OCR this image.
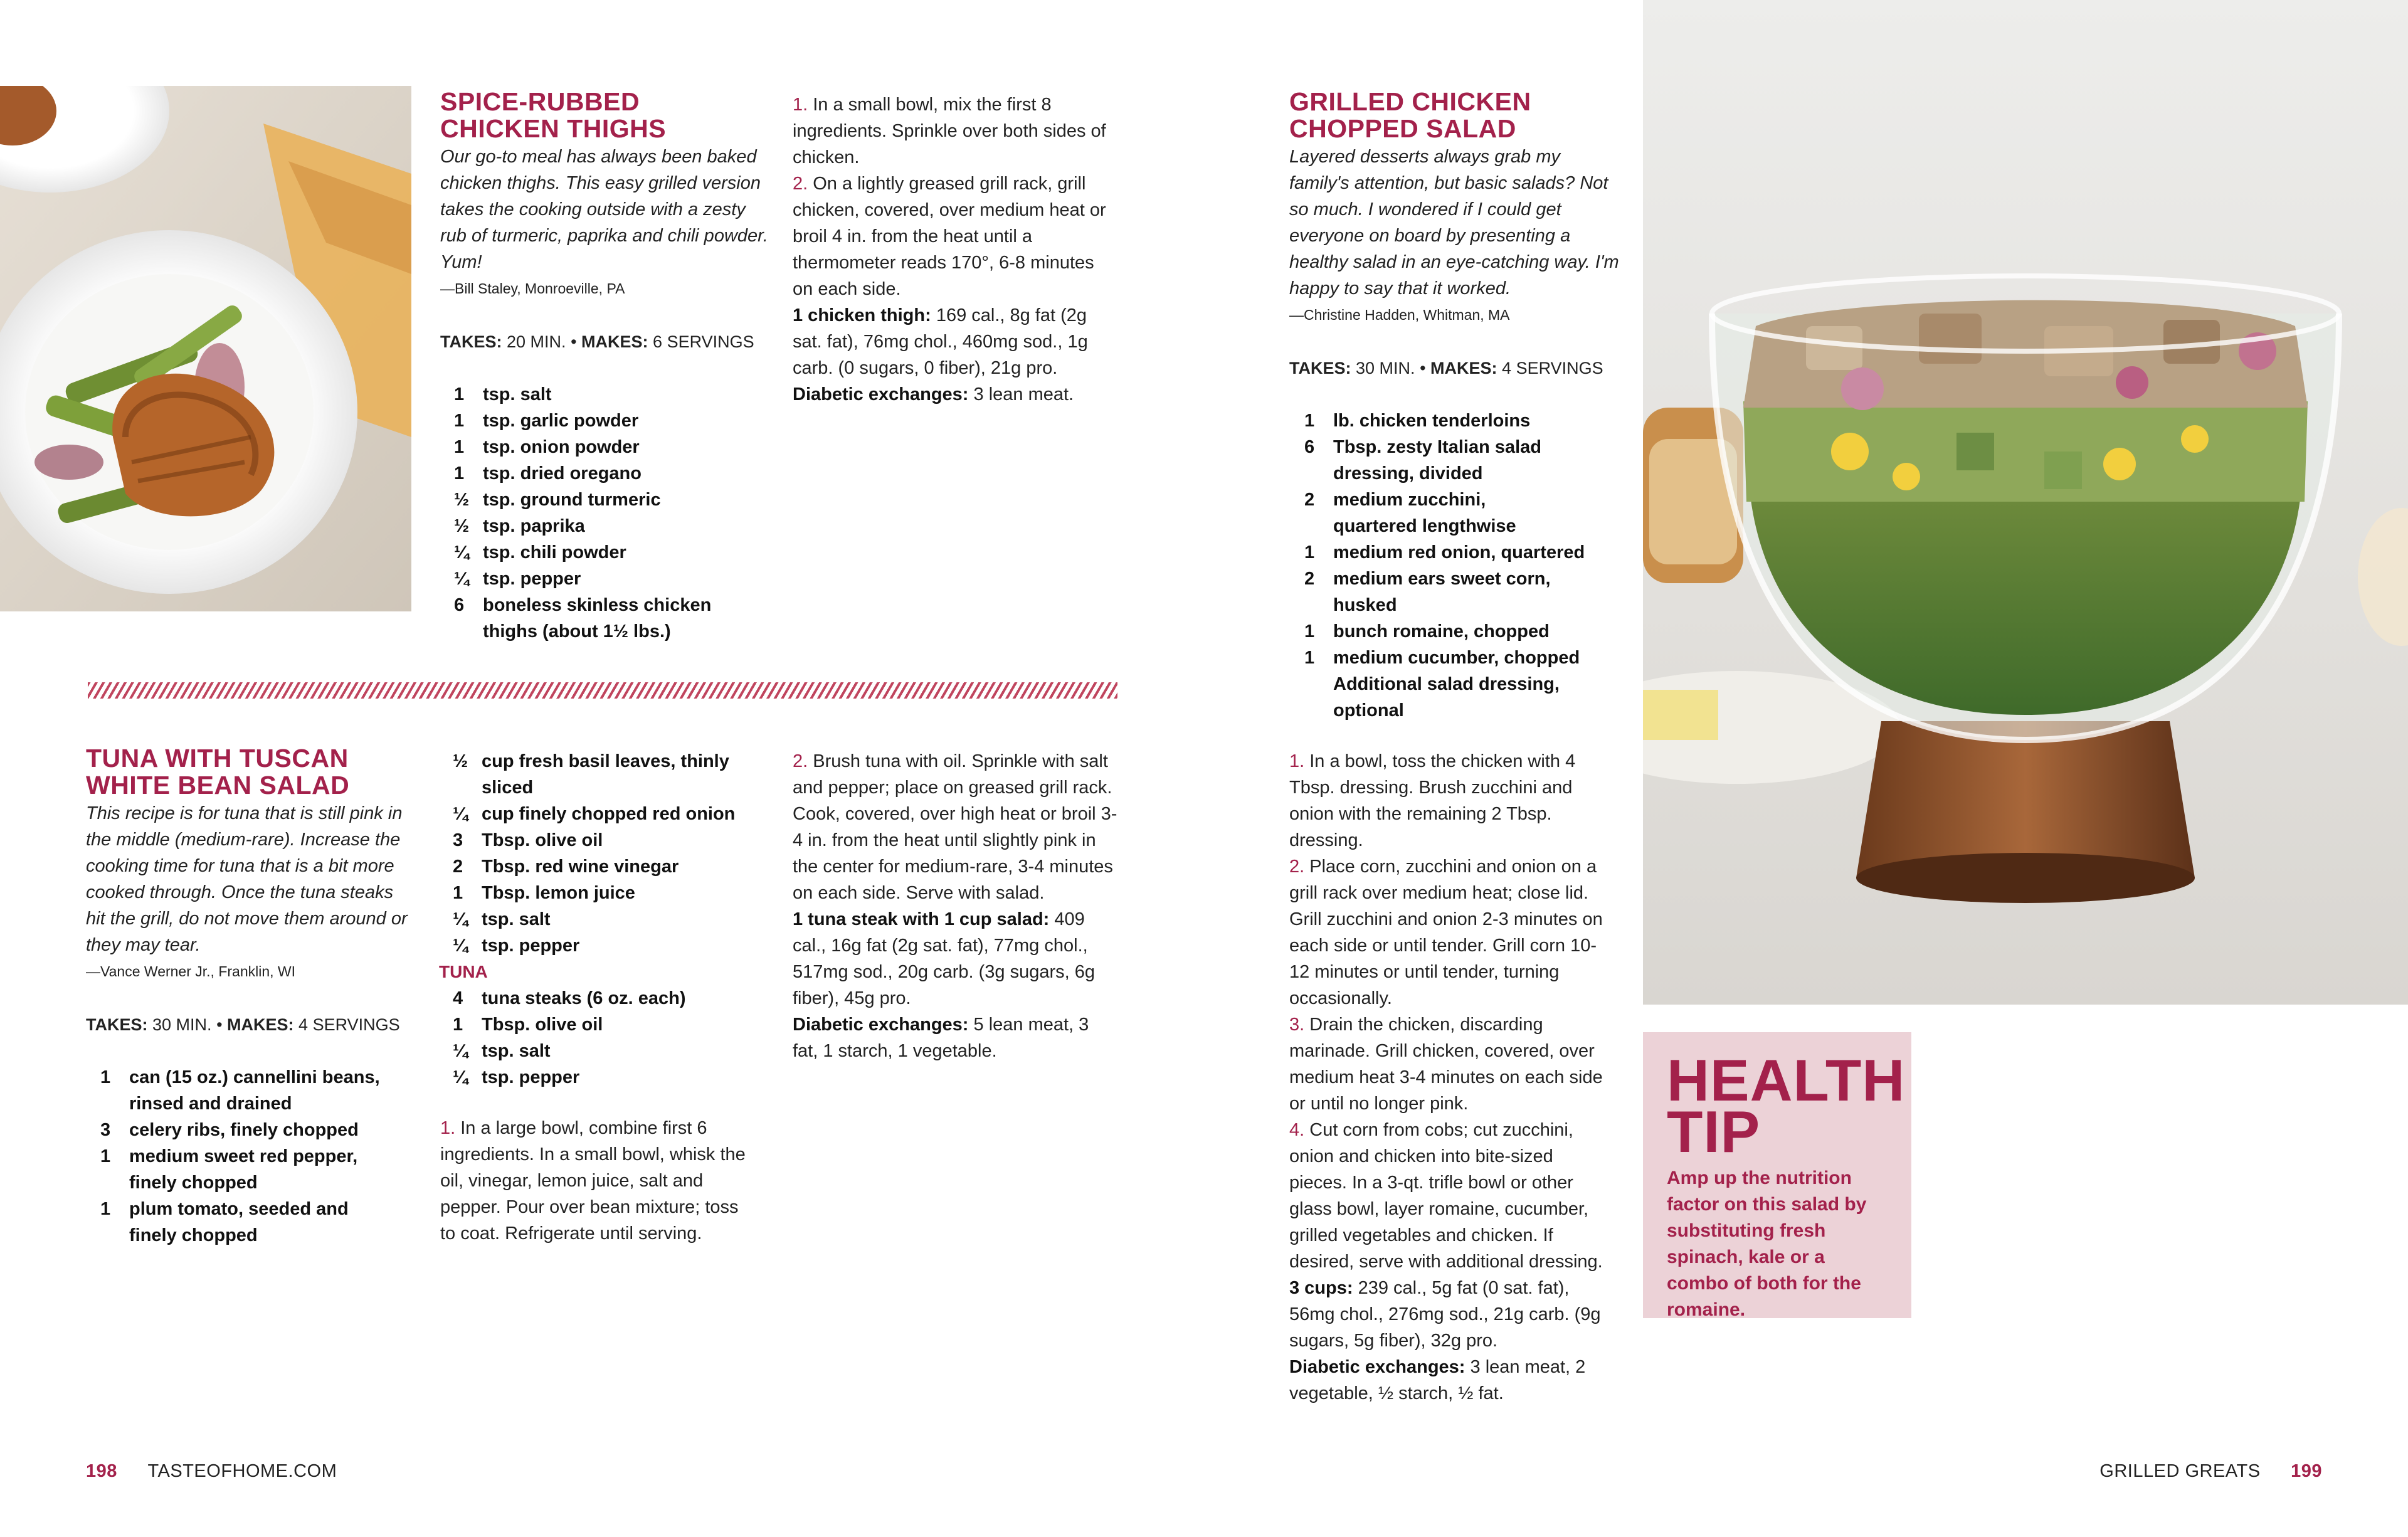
SPICE-RUBBED
CHICKEN THIGHS
Our go-to meal has always been baked chicken thighs. This easy grilled version takes the cooking outside with a zesty rub of turmeric, paprika and chili powder. Yum!
—Bill Staley, Monroeville, PA
TAKES: 20 MIN. • MAKES: 6 SERVINGS
1	tsp. salt
1	tsp. garlic powder
1	tsp. onion powder
1	tsp. dried oregano
½ tsp. ground turmeric
½ tsp. paprika
¼ tsp. chili powder
¼ tsp. pepper
6	boneless skinless chicken thighs (about 1½ lbs.)

1. In a small bowl, mix the first 8 ingredients. Sprinkle over both sides of chicken.

2. On a lightly greased grill rack, grill chicken, covered, over medium heat or broil 4 in. from the heat until a thermometer reads 170°, 6-8 minutes on each side.

1 chicken thigh: 169 cal., 8g fat (2g sat. fat), 76mg chol., 460mg sod., 1g carb. (0 sugars, 0 fiber), 21g pro.

Diabetic exchanges: 3 lean meat.

TUNA WITH TUSCAN
WHITE BEAN SALAD
This recipe is for tuna that is still pink in the middle (medium-rare). Increase the cooking time for tuna that is a bit more cooked through. Once the tuna steaks hit the grill, do not move them around or they may tear.
—Vance Werner Jr., Franklin, WI
TAKES: 30 MIN. • MAKES: 4 SERVINGS
1	can (15 oz.) cannellini beans, rinsed and drained
3	celery ribs, finely chopped
1	medium sweet red pepper, finely chopped
1	plum tomato, seeded and finely chopped
½ cup fresh basil leaves, thinly sliced
¼ cup finely chopped red onion
3	Tbsp. olive oil
2	Tbsp. red wine vinegar
1	Tbsp. lemon juice
¼ tsp. salt
¼ tsp. pepper
TUNA
4	tuna steaks (6 oz. each)
1	Tbsp. olive oil
¼ tsp. salt
¼ tsp. pepper

1. In a large bowl, combine first 6 ingredients. In a small bowl, whisk the oil, vinegar, lemon juice, salt and pepper. Pour over bean mixture; toss to coat. Refrigerate until serving.

2. Brush tuna with oil. Sprinkle with salt and pepper; place on greased grill rack. Cook, covered, over high heat or broil 3-4 in. from the heat until slightly pink in the center for medium-rare, 3-4 minutes on each side. Serve with salad.

1 tuna steak with 1 cup salad: 409 cal., 16g fat (2g sat. fat), 77mg chol., 517mg sod., 20g carb. (3g sugars, 6g fiber), 45g pro.

Diabetic exchanges: 5 lean meat, 3 fat, 1 starch, 1 vegetable.

GRILLED CHICKEN
CHOPPED SALAD
Layered desserts always grab my family's attention, but basic salads? Not so much. I wondered if I could get everyone on board by presenting a healthy salad in an eye-catching way. I'm happy to say that it worked.
—Christine Hadden, Whitman, MA
TAKES: 30 MIN. • MAKES: 4 SERVINGS
1	lb. chicken tenderloins
6	Tbsp. zesty Italian salad dressing, divided
2	medium zucchini, quartered lengthwise
1	medium red onion, quartered
2	medium ears sweet corn, husked
1	bunch romaine, chopped
1	medium cucumber, chopped Additional salad dressing, optional

1. In a bowl, toss the chicken with 4 Tbsp. dressing. Brush zucchini and onion with the remaining 2 Tbsp. dressing.

2. Place corn, zucchini and onion on a grill rack over medium heat; close lid. Grill zucchini and onion 2-3 minutes on each side or until tender. Grill corn 10-12 minutes or until tender, turning occasionally.

3. Drain the chicken, discarding marinade. Grill chicken, covered, over medium heat 3-4 minutes on each side or until no longer pink.

4. Cut corn from cobs; cut zucchini, onion and chicken into bite-sized pieces. In a 3-qt. trifle bowl or other glass bowl, layer romaine, cucumber, grilled vegetables and chicken. If desired, serve with additional dressing.

3 cups: 239 cal., 5g fat (0 sat. fat), 56mg chol., 276mg sod., 21g carb. (9g sugars, 5g fiber), 32g pro.

Diabetic exchanges: 3 lean meat, 2 vegetable, ½ starch, ½ fat.

HEALTH
TIP
Amp up the nutrition factor on this salad by substituting fresh spinach, kale or a combo of both for the romaine.
198 TASTEOFHOME.COM	GRILLED GREATS 199
